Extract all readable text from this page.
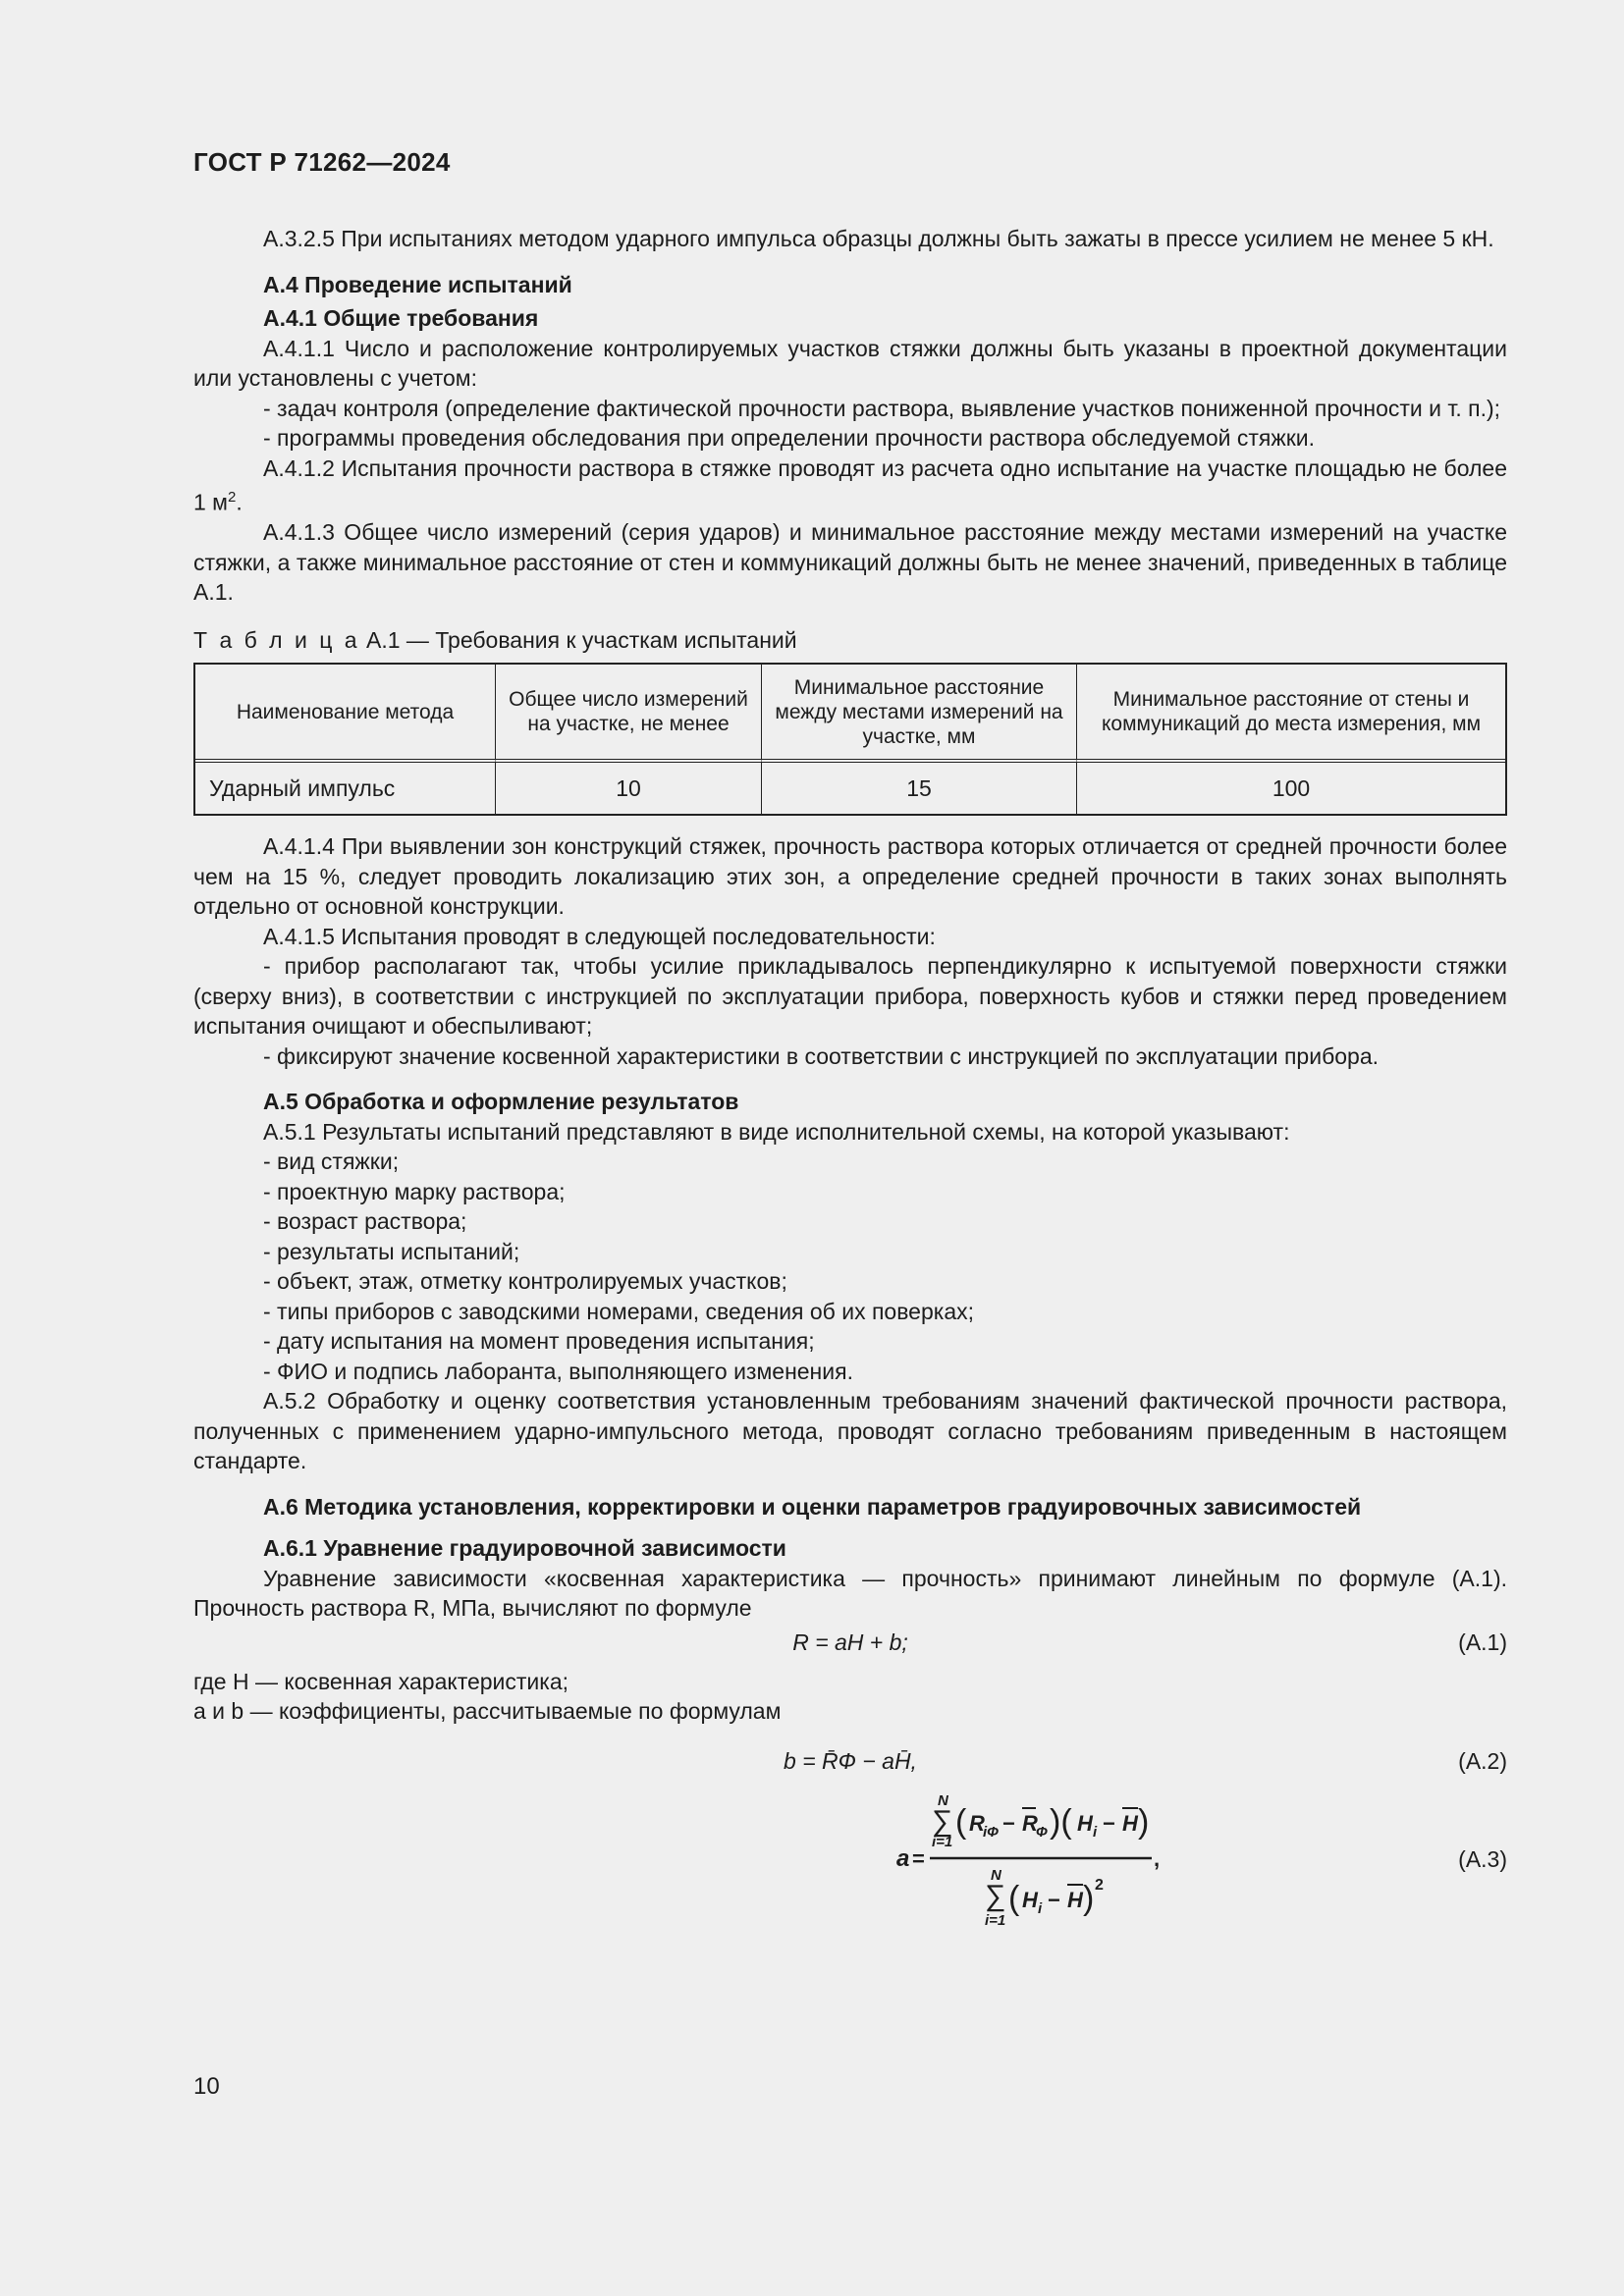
ГОСТ Р 71262—2024

А.3.2.5 При испытаниях методом ударного импульса образцы должны быть зажаты в прессе усилием не менее 5 кН.

А.4 Проведение испытаний

А.4.1 Общие требования

А.4.1.1 Число и расположение контролируемых участков стяжки должны быть указаны в проектной документации или установлены с учетом:

- задач контроля (определение фактической прочности раствора, выявление участков пониженной прочности и т. п.);

- программы проведения обследования при определении прочности раствора обследуемой стяжки.

А.4.1.2 Испытания прочности раствора в стяжке проводят из расчета одно испытание на участке площадью не более 1 $м^2$.

А.4.1.3 Общее число измерений (серия ударов) и минимальное расстояние между местами измерений на участке стяжки, а также минимальное расстояние от стен и коммуникаций должны быть не менее значений, приведенных в таблице А.1.

Т а б л и ц а А.1 — Требования к участкам испытаний

Наименование метода	Общее число измерений на участке, не менее	Минимальное расстояние между местами измерений на участке, мм	Минимальное расстояние от стены и коммуникаций до места измерения, мм
Ударный импульс	10	15	100

А.4.1.4 При выявлении зон конструкций стяжек, прочность раствора которых отличается от средней прочности более чем на 15 %, следует проводить локализацию этих зон, а определение средней прочности в таких зонах выполнять отдельно от основной конструкции.

А.4.1.5 Испытания проводят в следующей последовательности:

- прибор располагают так, чтобы усилие прикладывалось перпендикулярно к испытуемой поверхности стяжки (сверху вниз), в соответствии с инструкцией по эксплуатации прибора, поверхность кубов и стяжки перед проведением испытания очищают и обеспыливают;

- фиксируют значение косвенной характеристики в соответствии с инструкцией по эксплуатации прибора.

А.5 Обработка и оформление результатов

А.5.1 Результаты испытаний представляют в виде исполнительной схемы, на которой указывают:

- вид стяжки;

- проектную марку раствора;

- возраст раствора;

- результаты испытаний;

- объект, этаж, отметку контролируемых участков;

- типы приборов с заводскими номерами, сведения об их поверках;

- дату испытания на момент проведения испытания;

- ФИО и подпись лаборанта, выполняющего изменения.

А.5.2 Обработку и оценку соответствия установленным требованиям значений фактической прочности раствора, полученных с применением ударно-импульсного метода, проводят согласно требованиям приведенным в настоящем стандарте.

А.6 Методика установления, корректировки и оценки параметров градуировочных зависимостей

А.6.1 Уравнение градуировочной зависимости

Уравнение зависимости «косвенная характеристика — прочность» принимают линейным по формуле (А.1). Прочность раствора R, МПа, вычисляют по формуле

R = aH + b;	(А.1)

где H — косвенная характеристика;

a и b — коэффициенты, рассчитываемые по формулам

b = R̄Ф − aH̄,	(А.2)
a =
N
∑
i=1
( R
iФ − R
Ф )( H i − H )
,
N
∑
i=1
( H i − H ) 2
(А.3)
10
